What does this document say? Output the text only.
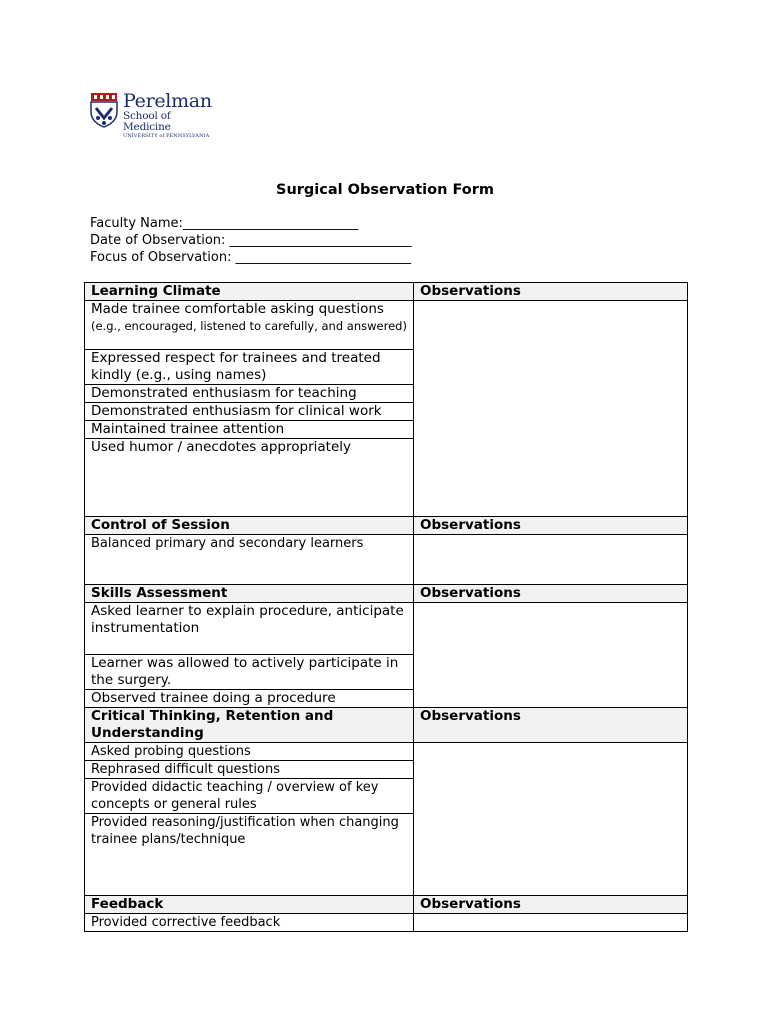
Perelman
School of Medicine
UNIVERSITY of PENNSYLVANIA
Surgical Observation Form
Faculty Name:___________________________
Date of Observation: ____________________________
Focus of Observation: ___________________________
Learning Climate	Observations

Made trainee comfortable asking questions
(e.g., encouraged, listened to carefully, and answered)	

Expressed respect for trainees and treated kindly (e.g., using names)	
Demonstrated enthusiasm for teaching	
Demonstrated enthusiasm for clinical work	
Maintained trainee attention	
Used humor / anecdotes appropriately	
Control of Session	Observations
Balanced primary and secondary learners	
Skills Assessment	Observations
Asked learner to explain procedure, anticipate instrumentation	
Learner was allowed to actively participate in the surgery.	
Observed trainee doing a procedure	
Critical Thinking, Retention and Understanding	Observations
Asked probing questions	
Rephrased difficult questions	
Provided didactic teaching / overview of key concepts or general rules	
Provided reasoning/justification when changing trainee plans/technique	
Feedback	Observations
Provided corrective feedback	
